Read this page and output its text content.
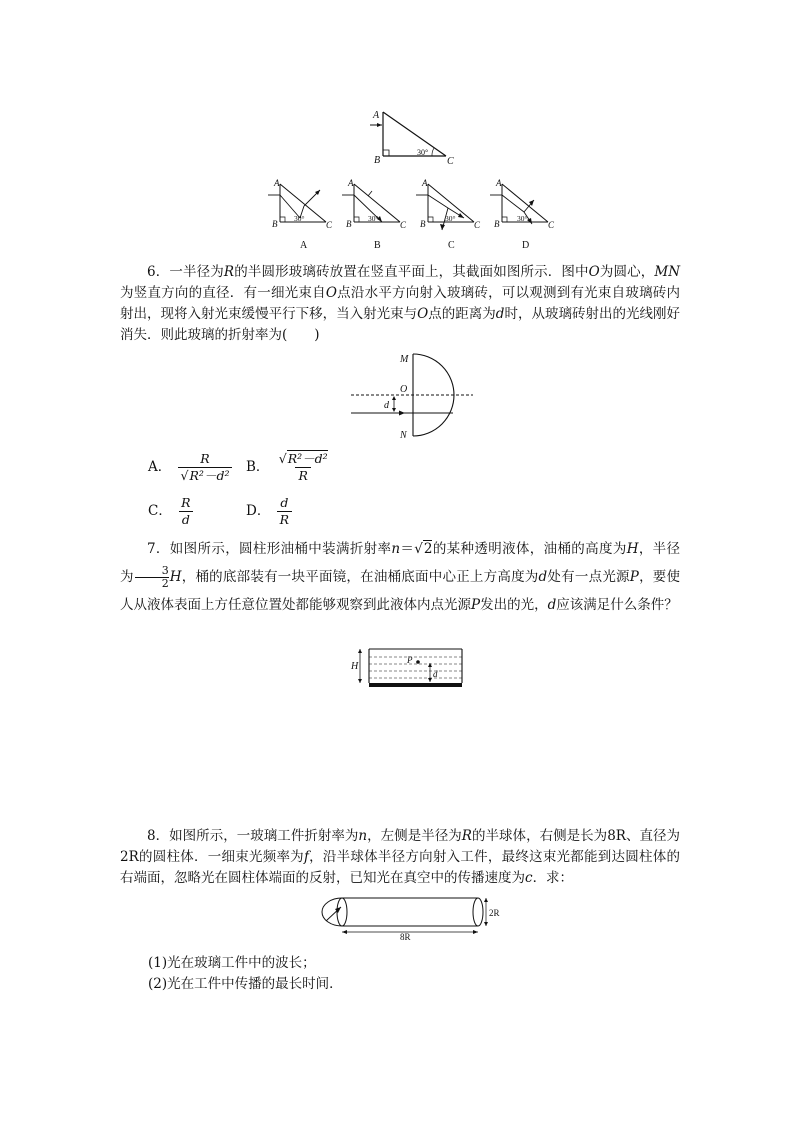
A
B	C
30°
A
B	C
30°
A
A
B	C
30°
B
A
B	C
30°
C
A
B	C
30°
D
6．一半径为R的半圆形玻璃砖放置在竖直平面上，其截面如图所示．图中O为圆心，MN为竖直方向的直径．有一细光束自O点沿水平方向射入玻璃砖，可以观测到有光束自玻璃砖内射出，现将入射光束缓慢平行下移，当入射光束与O点的距离为d时，从玻璃砖射出的光线刚好消失．则此玻璃的折射率为(　　)
M
O
d
N
A． $\frac{R}{\text{√R²－d²}}$ B． $\frac{\text{√R²－d²}}{R}$
C． $\frac{R}{d}$	D． $\frac{d}{R}$
7．如图所示，圆柱形油桶中装满折射率n＝√2的某种透明液体，油桶的高度为H，半径为 $\frac{3}{2}$ H，桶的底部装有一块平面镜，在油桶底面中心正上方高度为d处有一点光源P，要使人从液体表面上方任意位置处都能够观察到此液体内点光源P发出的光，d应该满足什么条件？
H
P
d
8．如图所示，一玻璃工件折射率为n，左侧是半径为R的半球体，右侧是长为8R、直径为2R的圆柱体．一细束光频率为f，沿半球体半径方向射入工件，最终这束光都能到达圆柱体的右端面，忽略光在圆柱体端面的反射，已知光在真空中的传播速度为c．求：
8R
2R
(1)光在玻璃工件中的波长；
(2)光在工件中传播的最长时间．
